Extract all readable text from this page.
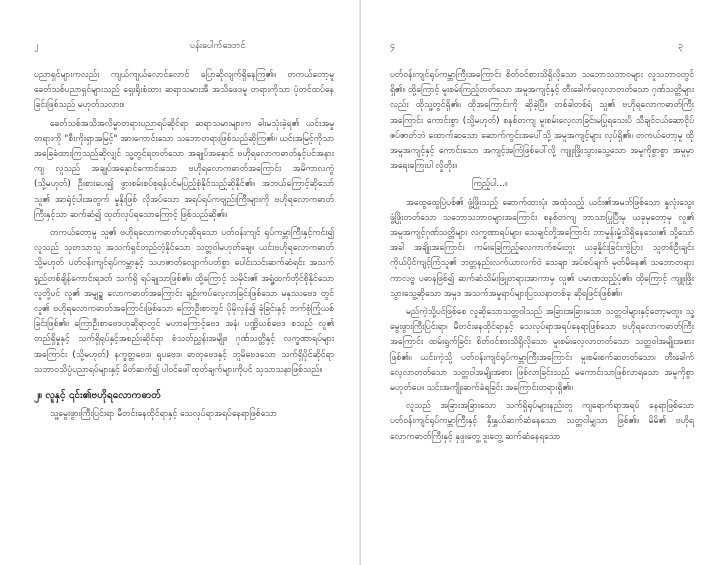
၂	ပန်းပေါက်ဒေဘင်

ပညာရှင်များကလည်း ကျယ်ကျယ်လောင်လောင် ပြောဆိုလျက်ရှိနေကြ၏။ တကယ်တော့မူ ခေတ်သစ်ပညာရှင်များသည် ရှေးရိုးစံထား ဆရာသမားအီ အသိဖေဒမူ တရားကိုသာ ပုံတင်ထပ်နေခြင်းဖြစ်သည် မဟုတ်သလား။

ခေတ်သစ်အသိအလိမ္မာတရားပညာရပ်ဆိုင်ရာ ဆရာသမားများက ဓါးမသုံးခဲ့ရ၏ ယင်းအမှုတရားကို "စီးကိုးရှာအမြင့်" အားကောင်းသော သဘောတရားဖြစ်သည်ဆိုကြ၏။ ယင်းအမြင့်ကိုသာ အခြေခံထားကြသည်ဆိုလျှင် သူ့တွင်ရတတ်သော အချုပ်အနှောင် ဗဟိုရလောကဓာတ်နှင့်ပင်အနားကျ လူသည် အချုပ်အနှောင်ကောင်းသော ဗဟိုရလောကဓာတ်အကြောင်း အမိကာလကွဲ (သို့မဟုတ်) ဦးစားပေး၍ ဖွားစမ်းစပ်စုရန်ပင်မပြည့်စုံနိုင်သည့်ဆိုနိုင်၏။ အဘယ်ကြောင့်ဆိုသော် သူ၏ အာရုံငံ့ပါးအတွက် မှုနိုးဖြစ် လိုအပ်သော အရပ်ရပ်ကဗျည်းကြီးများကို ဗဟိုရလောကဓာတ်ကြီးနှင့်သာ ဆက်ဆံ၍ ထုတ်လုပ်ရသောကြောင့် ဖြစ်သည်ဆို၏။

တကယ်တော့မူ သူ၏ ဗဟိုရလောကဓာတ်ဟုဆိုရသော ပတ်ဝန်းကျင် ရုပ်ကမ္ဘာကြီးနှင့်ကင်း၍ လူသည် သုတသာသူ အသက်ရှင်တည်တံ့နိုင်သော သတ္တဝါမဟုတ်ချေ။ ယင်းဗဟိုရလောကဓာတ် သို့မဟုတ် ပတ်ဝန်းကျင်ရုပ်ကမ္ဘာနှင့် သဟဇာတ်လျောက်ပတ်စွာ ပေါင်းသင်းဆက်ဆံရင်း အသက်ရှည်တစ်ချိန်ကောင်းရဒတ် သက်ရှိ ရပ်ချုသာဖြစ်၏။ ထို့ကြောင့် သမိုင်း၏ အရှုံ့ထက်တိုင်စိုနိုင်သော လူတို့ပင် လူ၏ အမျှဥ္စ လောကဓာတ်အကြောင်း ချဉ်းကပ်လေ့လာခြင်းဖြစ်သော မနုဿဗေဒ တွင် လူ၏ ဗဟိုရလောကဓာတ်အကြောင်းဖြစ်သော ကြောဦးစာတွင် ပိုမိုလှန်၍ ခုံခြင်းနှင့် ဘက်စုံကြုံယစ်ခြင်းဖြစ်၏။ ကြောဦးစာဗေဒဟုဆိုရာတွင် မဟာကြောင့်ဗေဒ အနံ၊ ပဏ္ဍိယစ်ဗေဒ စသည် လူ၏ တည်ရှိမှုနှင့် သက်ရှိရုပ်နှင့်အစည်းဆိုင်ရာ စံသတ်ညွှန်းအမျိုး၊ ဂုဏ်သတ္တိနှင့် လက္ခဏာရပ်များအကြောင်း (သို့မဟုတ်) နက္ခတ္တဗေဒ၊ ရူပဗေဒ၊ ဓာတုဗေဒနှင့် ဘူမိဗေဒသော သက်ရှိပိုင်ဆိုင်ရာ သဘာဝသိပ္ပံပညာရပ်များနှင့် မိတ်ဆက်၍ ပါဝင်ဖေါ်ထုတ်ချက်များကိုပင် သုသာသနာဖြစ်သည်။

၂။ လူနှင့် ၎င်း၏ဗဟိုရလောကဓာတ်

သူ့မွေးဖွားကြီးပြင်းရာ မီတင်းနေထိုင်ရာနှင့် သေလုပ်ရာအရပ်နေရာဖြစ်သော

၄	၃

ပတ်ဝန်းကျင်ရုပ်ကမ္ဘာကြီးအကြောင်း စိတ်ဝင်စားသိရှိလိုသော သဘောသဘာဝများ လူသဘာဝတွင်ရှိ၏။ ထို့ကြောင့် မူးစမ်းကြည့်တတ်သော အမူအကျင့်နှင့် တီးခေါက်လေ့လာတတ်သော ဂုဏ်သတ္တိများလည်း ထိုသူ့တွင်ရှိ၏။ ထိုအကြောင်းကို ဆိုခဲ့ပြီ။ တစ်ခါတစ်ရံ သူ၏ ဗဟိုရလောကဓာတ်ကြီးအကြောင်း ကောင်းစွာ (သို့မဟုတ်) စနစ်တကျ မူးစမ်းလေ့လာခြင်းမပြုရသေးပိ သီချင်ငယ်ဆောငိုပ် ဇပ်ဇာတ်ဘဲ ထောက်ဆသော ဆောက်ကွင်းအပေါ်သို့ အမူအကျင့်များ လုပ်ရှိ၏။ တကယ်တော့မူ ထိုအမူအကျင့်နှင့် ကောင်းသော အကျင့်အကြံဖြစ်ပေါ်လို့ ကျူးဖြိုးသွားသွေ့သော အမူကိုစွာစွာ အမူမှာ အရေးကြေးပါ လှိုတိုး။

ကြည့်ပါ...။

အထွေထွေပြဲပစ်၏ ဖွံ့ဖြိုးသည့် ဆောက်ထားပုံ၊ အထုံသည့် ယင်း၏အမဘ်ဖြစ်သော နှုလုံးသွေး ဖွံ့ဖြိုးတတ်သော သဘောသဘာဝများအကြောင်း စနစ်တကျ ဘာသာပြုပြီးမှ ယခုမှတော့မှ လူ၏ အမူအကျင့်ဂုဏ်သတ္တိများ လက္ခဏာရပ်များ သေချင်တို့အကြောင်း ဘာမှုန်းမှုံ့သိရှိနေသေး၏ သို့သော်အခါ အချိုးအကြောင်း ကမ်းခြေကြည့်လေကာက်စမ်းတူး ယခုနှိုင်းခြင်းကွဲပြား သူတစ်ဦးချင်း ကိုယ်ပိုင်ကျင့်ကြံသူ၏ ဘတ္တနည်းလက်ယာလက်ဝဲ သေချာ အပ်စပ်ချက် မှတ်မိနေ၏ သဘောတရား ကာလဗ္ဗ ပဓာနဖြစ်၍ ဆက်ဆံသိမ်းဖြူတရားအာကာမှ လူ၏ ပမာဏထည့်ပုံ၏။ ထိုကြောင့် ကျူးဖြိုးသွားသွေ့ဆိုသော အမူဒ အသက်အမှုရာပ်များပြဿနာတစ်ခု ဆိုရဖြင်းဖြစ်၏။

မည်ကဲ့သို့ပင်ဖြစ်စေ လူဆိုသောသတ္တဝါသည် အခြားအခြားသော သတ္တဝါများနှင့်တော့မတူ။ သူ့မွေးဖွားကြီးပြင်းရာ၊ မီတင်းနေထိုင်ရာနှင့် သေလုပ်ရာအရပ်နေရာဖြစ်သော ဗဟိုရလောကဓာတ်ကြီးအကြောင်း ထမ်းရွက်ခြင်း စိတ်ဝင်စားသိရှိလိုသော မူးစမ်းလေ့လာတတ်သော သတ္တဝါအမျိုးအစားဖြစ်၏။ ယင်းကဲ့သို့ ပတ်ဝန်းကျင်ရုပ်ကမ္ဘာကြီးအကြောင်း မူးစမ်းစက်ဆတတ်သော၊ တီးခေါက်လေ့လာတတ်သော သတ္တဝါအမျိုးအစား ဖြစ်လာခြင်းသည် မကောင်းသာဖြစ်လာရသော အမူကိုစွာ မဟုတ်ပေ။ သင်းအကျိုးဆက်ခံရခြင်း အကြောင်းတရားရှိ၏။

လူသည် အခြားအခြားသော သက်ရှိရုပ်များနည်းတူ ကျရောက်ရာအရပ် နေရာဖြစ်သော ပတ်ဝန်းကျင်ရုပ်ကမ္ဘာကြီးနှင့် နှီးနွှယ်ဆက်ဆံနေသော သတ္တဝါမျှသာ ဖြစ်၏။ မိမိ၏ ဗဟိုရလောကဓာတ်ကြီးနှင့် နှဖူးတွေ့ ဒူးတွေ့ ဆက်ဆံနေရသော
